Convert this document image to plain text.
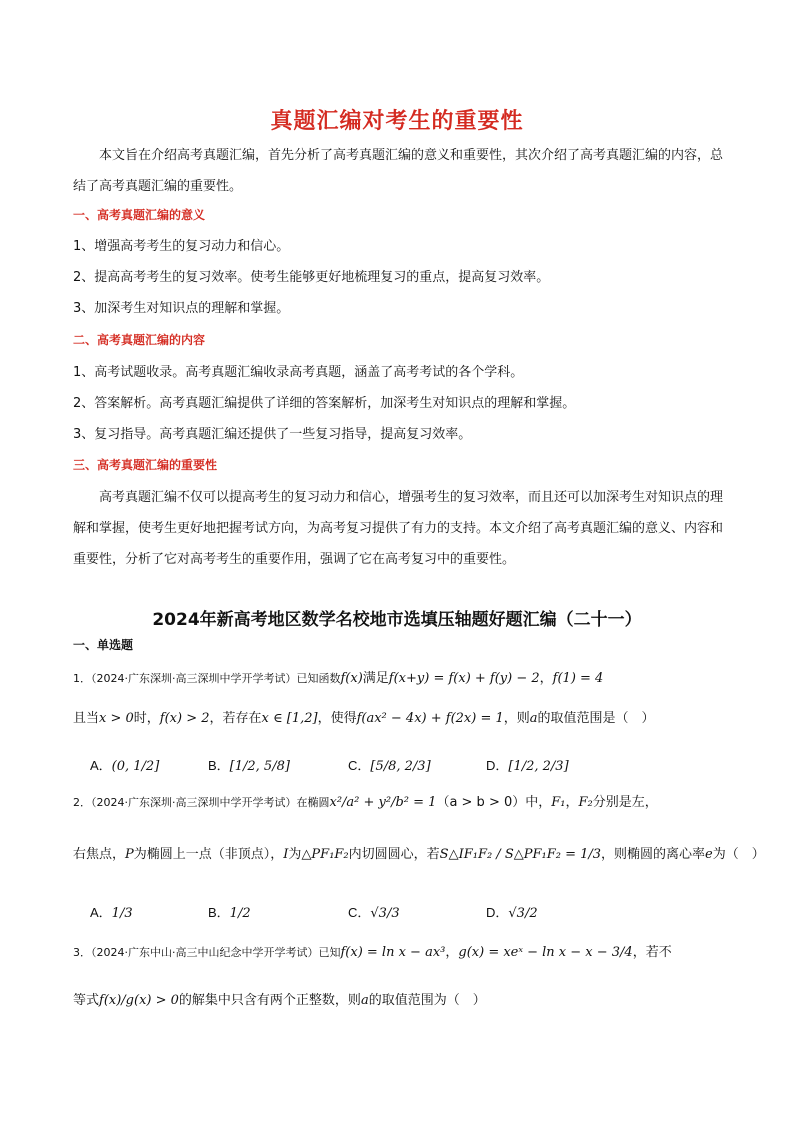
真题汇编对考生的重要性
本文旨在介绍高考真题汇编，首先分析了高考真题汇编的意义和重要性，其次介绍了高考真题汇编的内容，总结了高考真题汇编的重要性。
一、高考真题汇编的意义
1、增强高考考生的复习动力和信心。
2、提高高考考生的复习效率。使考生能够更好地梳理复习的重点，提高复习效率。
3、加深考生对知识点的理解和掌握。
二、高考真题汇编的内容
1、高考试题收录。高考真题汇编收录高考真题，涵盖了高考考试的各个学科。
2、答案解析。高考真题汇编提供了详细的答案解析，加深考生对知识点的理解和掌握。
3、复习指导。高考真题汇编还提供了一些复习指导，提高复习效率。
三、高考真题汇编的重要性
高考真题汇编不仅可以提高考生的复习动力和信心，增强考生的复习效率，而且还可以加深考生对知识点的理解和掌握，使考生更好地把握考试方向，为高考复习提供了有力的支持。本文介绍了高考真题汇编的意义、内容和重要性，分析了它对高考考生的重要作用，强调了它在高考复习中的重要性。
2024年新高考地区数学名校地市选填压轴题好题汇编（二十一）
一、单选题
1．（2024·广东深圳·高三深圳中学开学考试）已知函数f(x)满足f(x+y) = f(x) + f(y) − 2，f(1) = 4
且当x > 0时，f(x) > 2，若存在x ∈ [1,2]，使得f(ax² − 4x) + f(2x) = 1，则a的取值范围是（　）
A．(0, 1/2]	B．[1/2, 5/8]	C．[5/8, 2/3]	D．[1/2, 2/3]
2．（2024·广东深圳·高三深圳中学开学考试）在椭圆x²/a² + y²/b² = 1（a > b > 0）中，F₁，F₂分别是左，
右焦点，P为椭圆上一点（非顶点），I为△PF₁F₂内切圆圆心，若S△IF₁F₂ / S△PF₁F₂ = 1/3，则椭圆的离心率e为（　）
A．1/3	B．1/2	C．√3/3	D．√3/2
3．（2024·广东中山·高三中山纪念中学开学考试）已知f(x) = ln x − ax³，g(x) = xeˣ − ln x − x − 3/4，若不
等式f(x)/g(x) > 0的解集中只含有两个正整数，则a的取值范围为（　）
